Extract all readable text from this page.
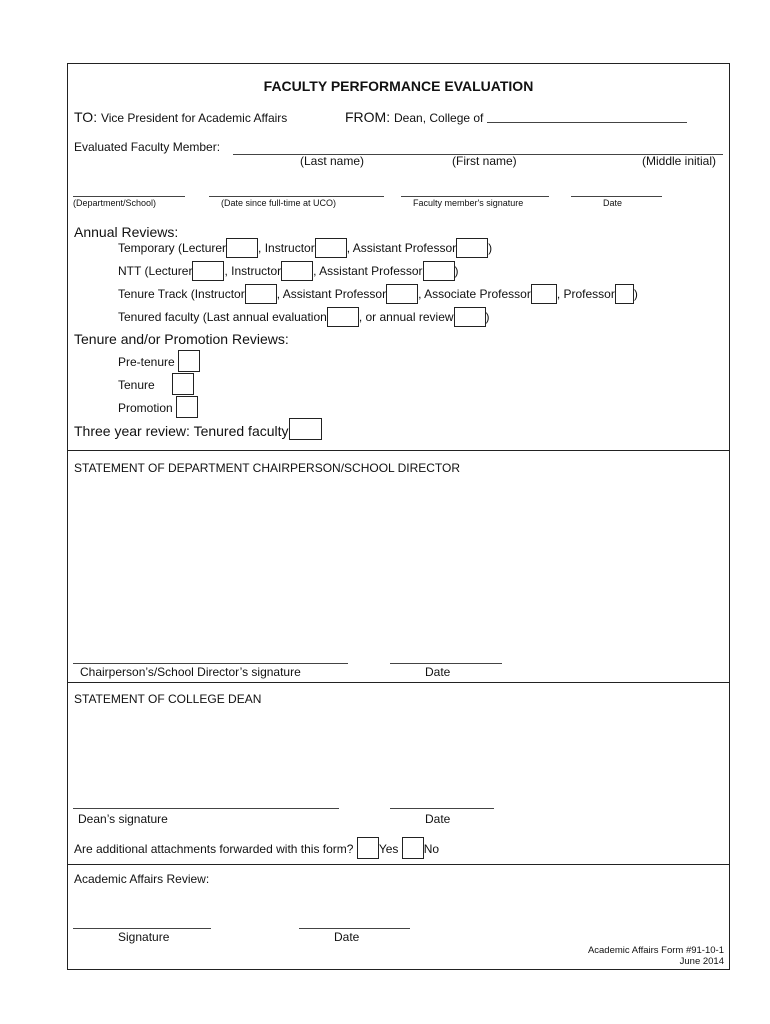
FACULTY PERFORMANCE EVALUATION
TO: Vice President for Academic Affairs	FROM: Dean, College of
Evaluated Faculty Member:
(Last name)	(First name)	(Middle initial)
(Department/School)	(Date since full-time at UCO)	Faculty member's signature	Date
Annual Reviews:
Temporary (Lecturer	, Instructor	, Assistant Professor	)
NTT (Lecturer	, Instructor	, Assistant Professor	)
Tenure Track (Instructor	, Assistant Professor	, Associate Professor , Professor )
Tenured faculty (Last annual evaluation	, or annual review	)
Tenure and/or Promotion Reviews:
Pre-tenure
Tenure
Promotion
Three year review: Tenured faculty
STATEMENT OF DEPARTMENT CHAIRPERSON/SCHOOL DIRECTOR
Chairperson’s/School Director’s signature	Date
STATEMENT OF COLLEGE DEAN
Dean’s signature	Date
Are additional attachments forwarded with this form? Yes No
Academic Affairs Review:
Signature	Date
Academic Affairs Form #91-10-1
June 2014
